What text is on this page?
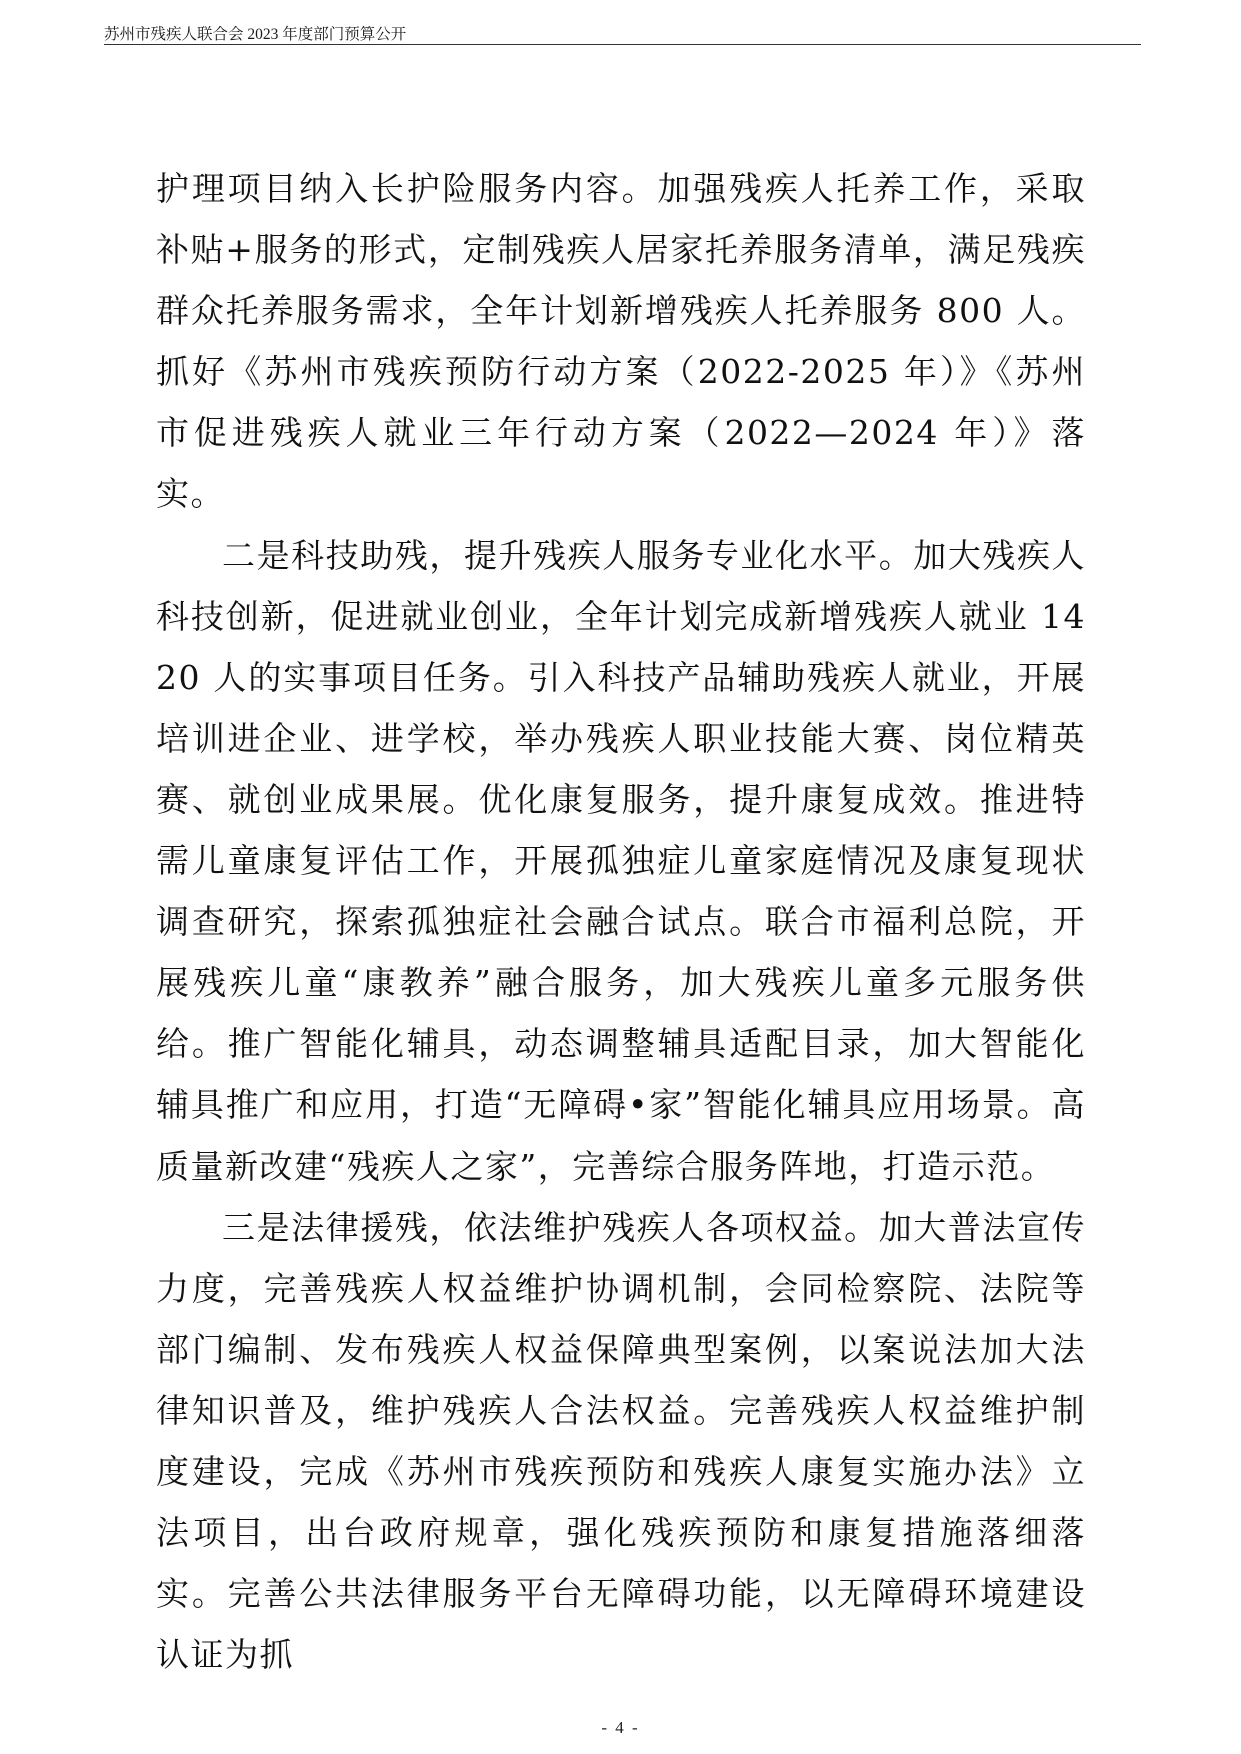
苏州市残疾人联合会 2023 年度部门预算公开

护理项目纳入长护险服务内容。加强残疾人托养工作，采取补贴+服务的形式，定制残疾人居家托养服务清单，满足残疾群众托养服务需求，全年计划新增残疾人托养服务 800 人。抓好《苏州市残疾预防行动方案（2022-2025 年）》《苏州市促进残疾人就业三年行动方案（2022—2024 年）》落实。

二是科技助残，提升残疾人服务专业化水平。加大残疾人科技创新，促进就业创业，全年计划完成新增残疾人就业 1420 人的实事项目任务。引入科技产品辅助残疾人就业，开展培训进企业、进学校，举办残疾人职业技能大赛、岗位精英赛、就创业成果展。优化康复服务，提升康复成效。推进特需儿童康复评估工作，开展孤独症儿童家庭情况及康复现状调查研究，探索孤独症社会融合试点。联合市福利总院，开展残疾儿童“康教养”融合服务，加大残疾儿童多元服务供给。推广智能化辅具，动态调整辅具适配目录，加大智能化辅具推广和应用，打造“无障碍•家”智能化辅具应用场景。高质量新改建“残疾人之家”，完善综合服务阵地，打造示范。

三是法律援残，依法维护残疾人各项权益。加大普法宣传力度，完善残疾人权益维护协调机制，会同检察院、法院等部门编制、发布残疾人权益保障典型案例，以案说法加大法律知识普及，维护残疾人合法权益。完善残疾人权益维护制度建设，完成《苏州市残疾预防和残疾人康复实施办法》立法项目，出台政府规章，强化残疾预防和康复措施落细落实。完善公共法律服务平台无障碍功能，以无障碍环境建设认证为抓

- 4 -
